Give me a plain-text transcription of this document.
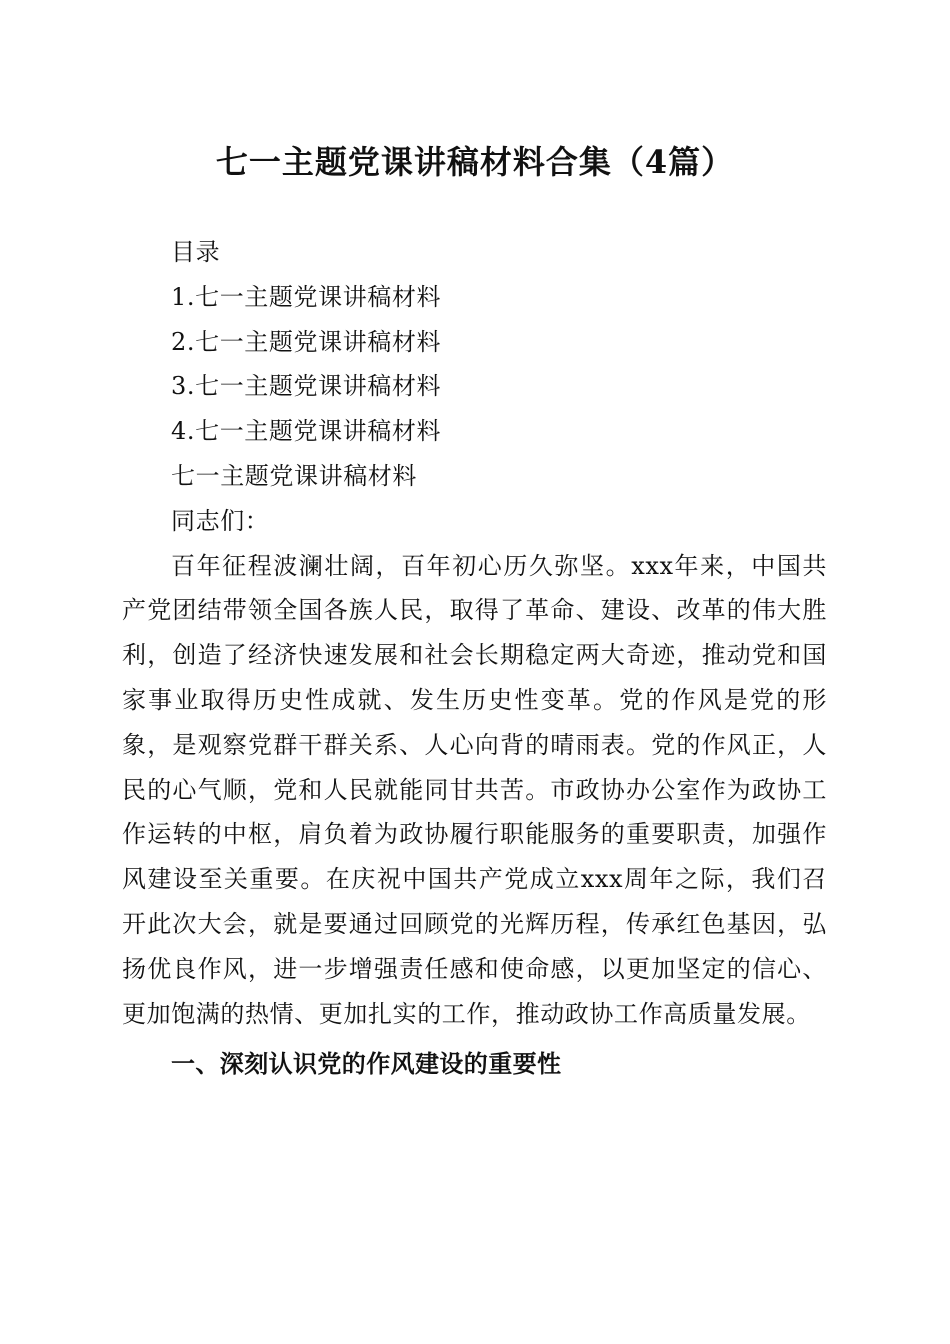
七一主题党课讲稿材料合集（4篇）

目录

1.七一主题党课讲稿材料

2.七一主题党课讲稿材料

3.七一主题党课讲稿材料

4.七一主题党课讲稿材料

七一主题党课讲稿材料

同志们：

百年征程波澜壮阔，百年初心历久弥坚。xxx年来，中国共产党团结带领全国各族人民，取得了革命、建设、改革的伟大胜利，创造了经济快速发展和社会长期稳定两大奇迹，推动党和国家事业取得历史性成就、发生历史性变革。党的作风是党的形象，是观察党群干群关系、人心向背的晴雨表。党的作风正，人民的心气顺，党和人民就能同甘共苦。市政协办公室作为政协工作运转的中枢，肩负着为政协履行职能服务的重要职责，加强作风建设至关重要。在庆祝中国共产党成立xxx周年之际，我们召开此次大会，就是要通过回顾党的光辉历程，传承红色基因，弘扬优良作风，进一步增强责任感和使命感，以更加坚定的信心、更加饱满的热情、更加扎实的工作，推动政协工作高质量发展。

一、深刻认识党的作风建设的重要性
